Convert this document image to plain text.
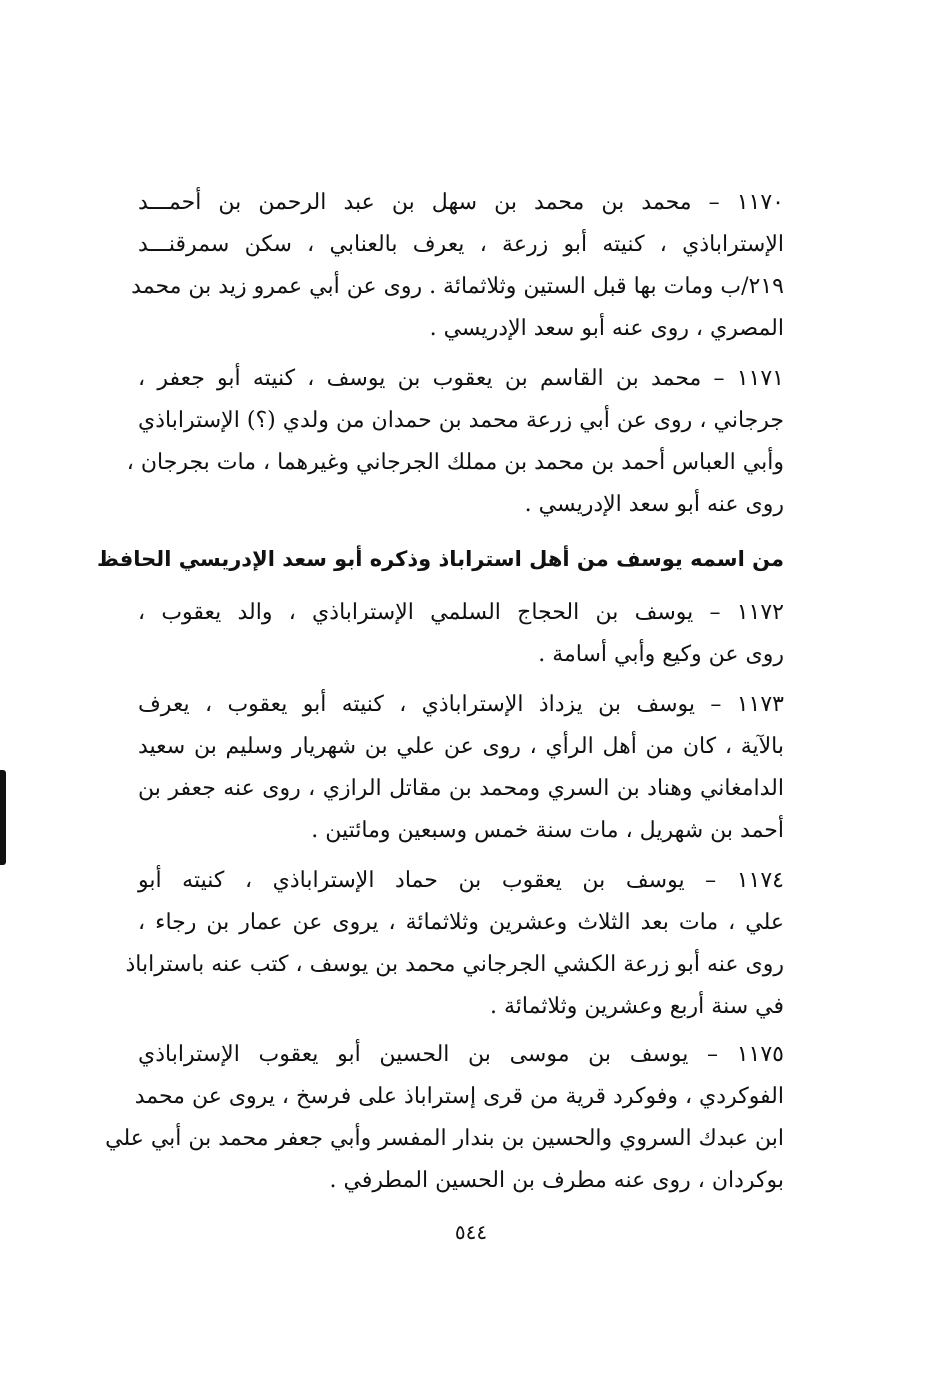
١١٧٠ – محمد بن محمد بن سهل بن عبد الرحمن بن أحمـــد
الإستراباذي ، كنيته أبو زرعة ، يعرف بالعنابي ، سكن سمرقنـــد
٢١٩/ب ومات بها قبل الستين وثلاثمائة . روى عن أبي عمرو زيد بن محمد
المصري ، روى عنه أبو سعد الإدريسي .
١١٧١ – محمد بن القاسم بن يعقوب بن يوسف ، كنيته أبو جعفر ،
جرجاني ، روى عن أبي زرعة محمد بن حمدان من ولدي (؟) الإستراباذي
وأبي العباس أحمد بن محمد بن مملك الجرجاني وغيرهما ، مات بجرجان ،
روى عنه أبو سعد الإدريسي .
من اسمه يوسف من أهل استراباذ وذكره أبو سعد الإدريسي الحافظ
١١٧٢ – يوسف بن الحجاج السلمي الإستراباذي ، والد يعقوب ،
روى عن وكيع وأبي أسامة .
١١٧٣ – يوسف بن يزداذ الإستراباذي ، كنيته أبو يعقوب ، يعرف
بالآية ، كان من أهل الرأي ، روى عن علي بن شهريار وسليم بن سعيد
الدامغاني وهناد بن السري ومحمد بن مقاتل الرازي ، روى عنه جعفر بن
أحمد بن شهريل ، مات سنة خمس وسبعين ومائتين .
١١٧٤ – يوسف بن يعقوب بن حماد الإستراباذي ، كنيته أبو
علي ، مات بعد الثلاث وعشرين وثلاثمائة ، يروى عن عمار بن رجاء ،
روى عنه أبو زرعة الكشي الجرجاني محمد بن يوسف ، كتب عنه باستراباذ
في سنة أربع وعشرين وثلاثمائة .
١١٧٥ – يوسف بن موسى بن الحسين أبو يعقوب الإستراباذي
الفوكردي ، وفوكرد قرية من قرى إستراباذ على فرسخ ، يروى عن محمد
ابن عبدك السروي والحسين بن بندار المفسر وأبي جعفر محمد بن أبي علي
بوكردان ، روى عنه مطرف بن الحسين المطرفي .
٥٤٤
